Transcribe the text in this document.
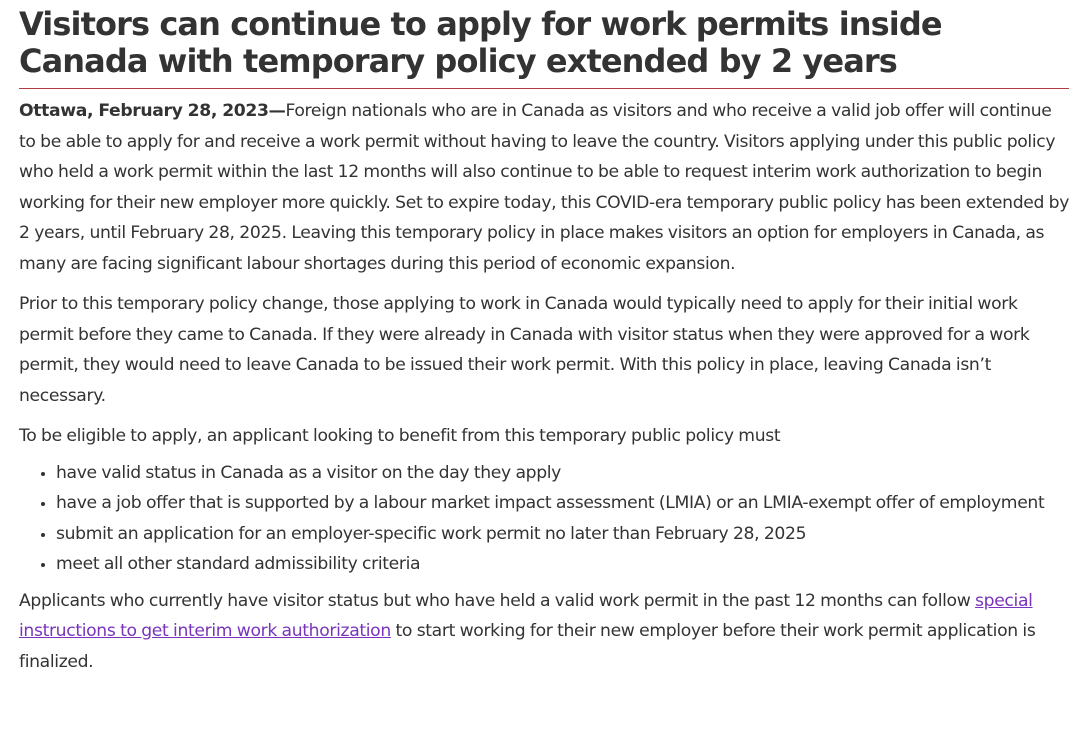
Visitors can continue to apply for work permits inside Canada with temporary policy extended by 2 years

Ottawa, February 28, 2023—Foreign nationals who are in Canada as visitors and who receive a valid job offer will continue to be able to apply for and receive a work permit without having to leave the country. Visitors applying under this public policy who held a work permit within the last 12 months will also continue to be able to request interim work authorization to begin working for their new employer more quickly. Set to expire today, this COVID-era temporary public policy has been extended by 2 years, until February 28, 2025. Leaving this temporary policy in place makes visitors an option for employers in Canada, as many are facing significant labour shortages during this period of economic expansion.

Prior to this temporary policy change, those applying to work in Canada would typically need to apply for their initial work permit before they came to Canada. If they were already in Canada with visitor status when they were approved for a work permit, they would need to leave Canada to be issued their work permit. With this policy in place, leaving Canada isn’t necessary.

To be eligible to apply, an applicant looking to benefit from this temporary public policy must

• have valid status in Canada as a visitor on the day they apply
• have a job offer that is supported by a labour market impact assessment (LMIA) or an LMIA-exempt offer of employment
• submit an application for an employer-specific work permit no later than February 28, 2025
• meet all other standard admissibility criteria

Applicants who currently have visitor status but who have held a valid work permit in the past 12 months can follow special instructions to get interim work authorization to start working for their new employer before their work permit application is finalized.
